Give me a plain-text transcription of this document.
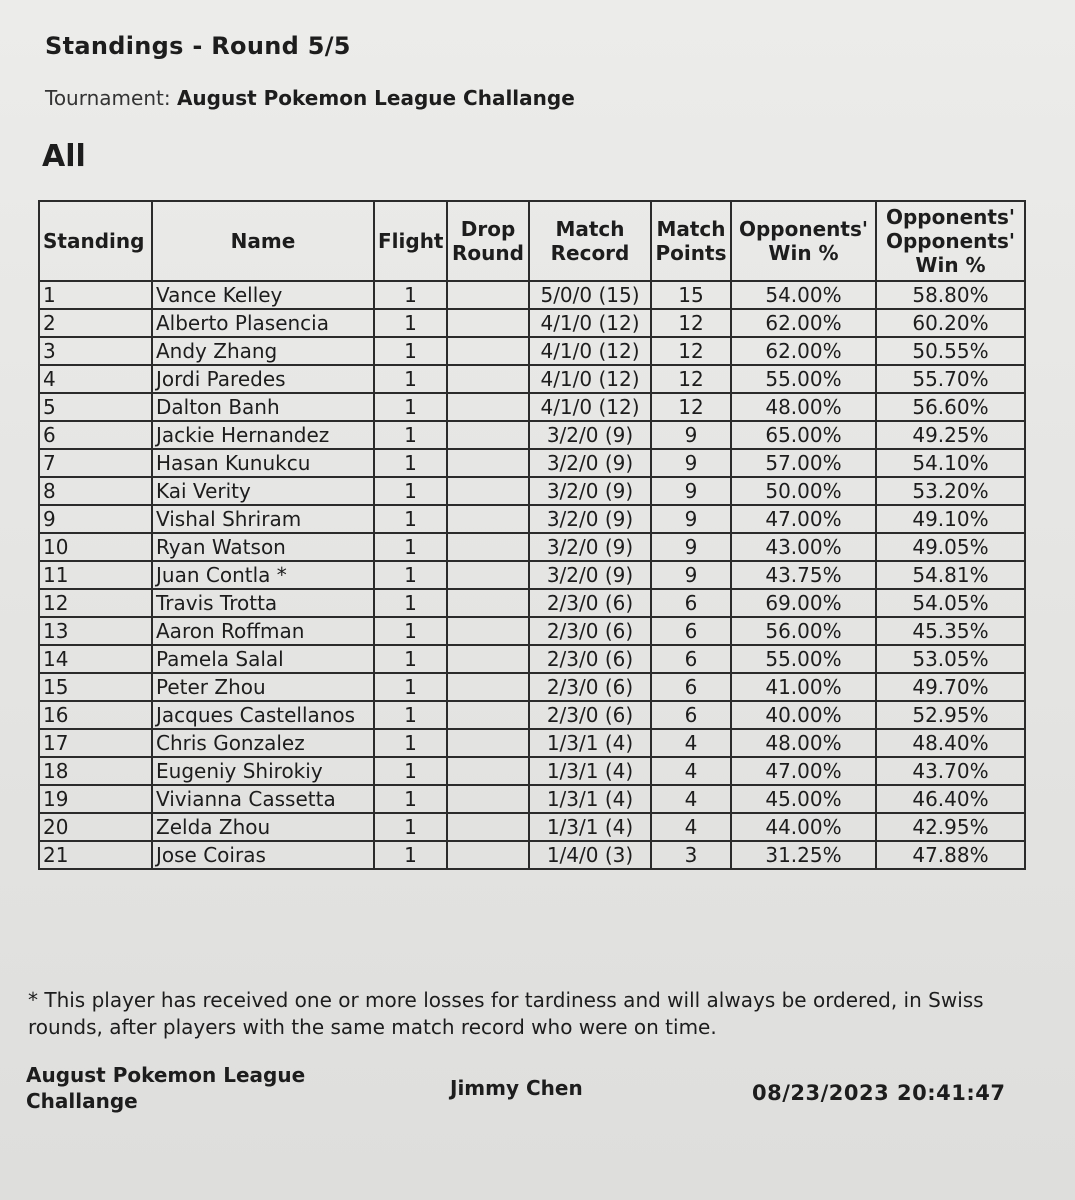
Standings - Round 5/5
Tournament: August Pokemon League Challange
All
Standing	Name	Flight	Drop Round	Match Record	Match Points	Opponents' Win %	Opponents' Opponents' Win %
1	Vance Kelley	1		5/0/0 (15)	15	54.00%	58.80%
2	Alberto Plasencia	1		4/1/0 (12)	12	62.00%	60.20%
3	Andy Zhang	1		4/1/0 (12)	12	62.00%	50.55%
4	Jordi Paredes	1		4/1/0 (12)	12	55.00%	55.70%
5	Dalton Banh	1		4/1/0 (12)	12	48.00%	56.60%
6	Jackie Hernandez	1		3/2/0 (9)	9	65.00%	49.25%
7	Hasan Kunukcu	1		3/2/0 (9)	9	57.00%	54.10%
8	Kai Verity	1		3/2/0 (9)	9	50.00%	53.20%
9	Vishal Shriram	1		3/2/0 (9)	9	47.00%	49.10%
10	Ryan Watson	1		3/2/0 (9)	9	43.00%	49.05%
11	Juan Contla *	1		3/2/0 (9)	9	43.75%	54.81%
12	Travis Trotta	1		2/3/0 (6)	6	69.00%	54.05%
13	Aaron Roffman	1		2/3/0 (6)	6	56.00%	45.35%
14	Pamela Salal	1		2/3/0 (6)	6	55.00%	53.05%
15	Peter Zhou	1		2/3/0 (6)	6	41.00%	49.70%
16	Jacques Castellanos	1		2/3/0 (6)	6	40.00%	52.95%
17	Chris Gonzalez	1		1/3/1 (4)	4	48.00%	48.40%
18	Eugeniy Shirokiy	1		1/3/1 (4)	4	47.00%	43.70%
19	Vivianna Cassetta	1		1/3/1 (4)	4	45.00%	46.40%
20	Zelda Zhou	1		1/3/1 (4)	4	44.00%	42.95%
21	Jose Coiras	1		1/4/0 (3)	3	31.25%	47.88%
* This player has received one or more losses for tardiness and will always be ordered, in Swiss rounds, after players with the same match record who were on time.
August Pokemon League Challange
Jimmy Chen	08/23/2023 20:41:47
